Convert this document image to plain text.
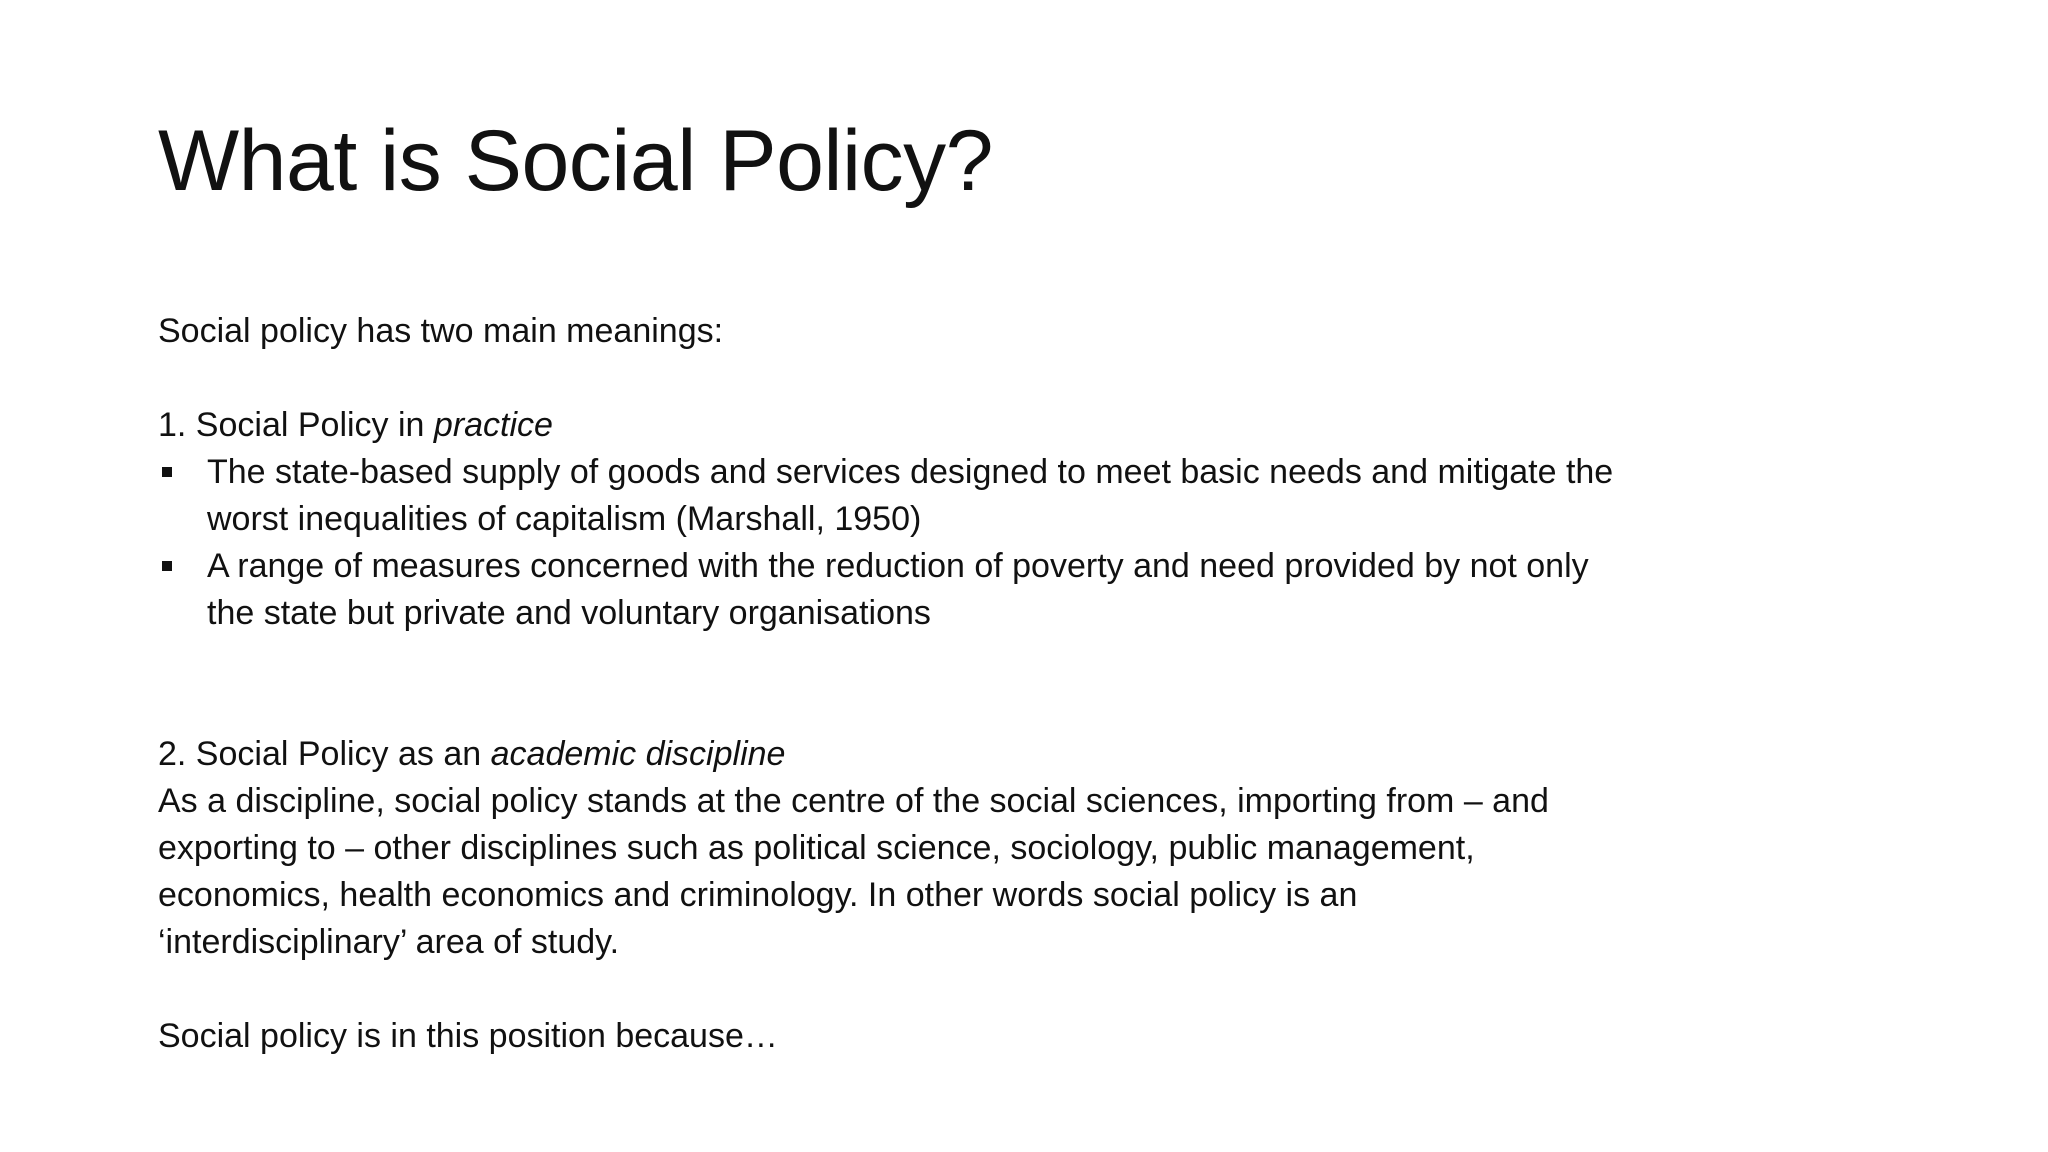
What is Social Policy?

Social policy has two main meanings:

1. Social Policy in practice

The state-based supply of goods and services designed to meet basic needs and mitigate the
worst inequalities of capitalism (Marshall, 1950)
A range of measures concerned with the reduction of poverty and need provided by not only
the state but private and voluntary organisations

2. Social Policy as an academic discipline

As a discipline, social policy stands at the centre of the social sciences, importing from – and

exporting to – other disciplines such as political science, sociology, public management,

economics, health economics and criminology. In other words social policy is an

‘interdisciplinary’ area of study.

Social policy is in this position because…
